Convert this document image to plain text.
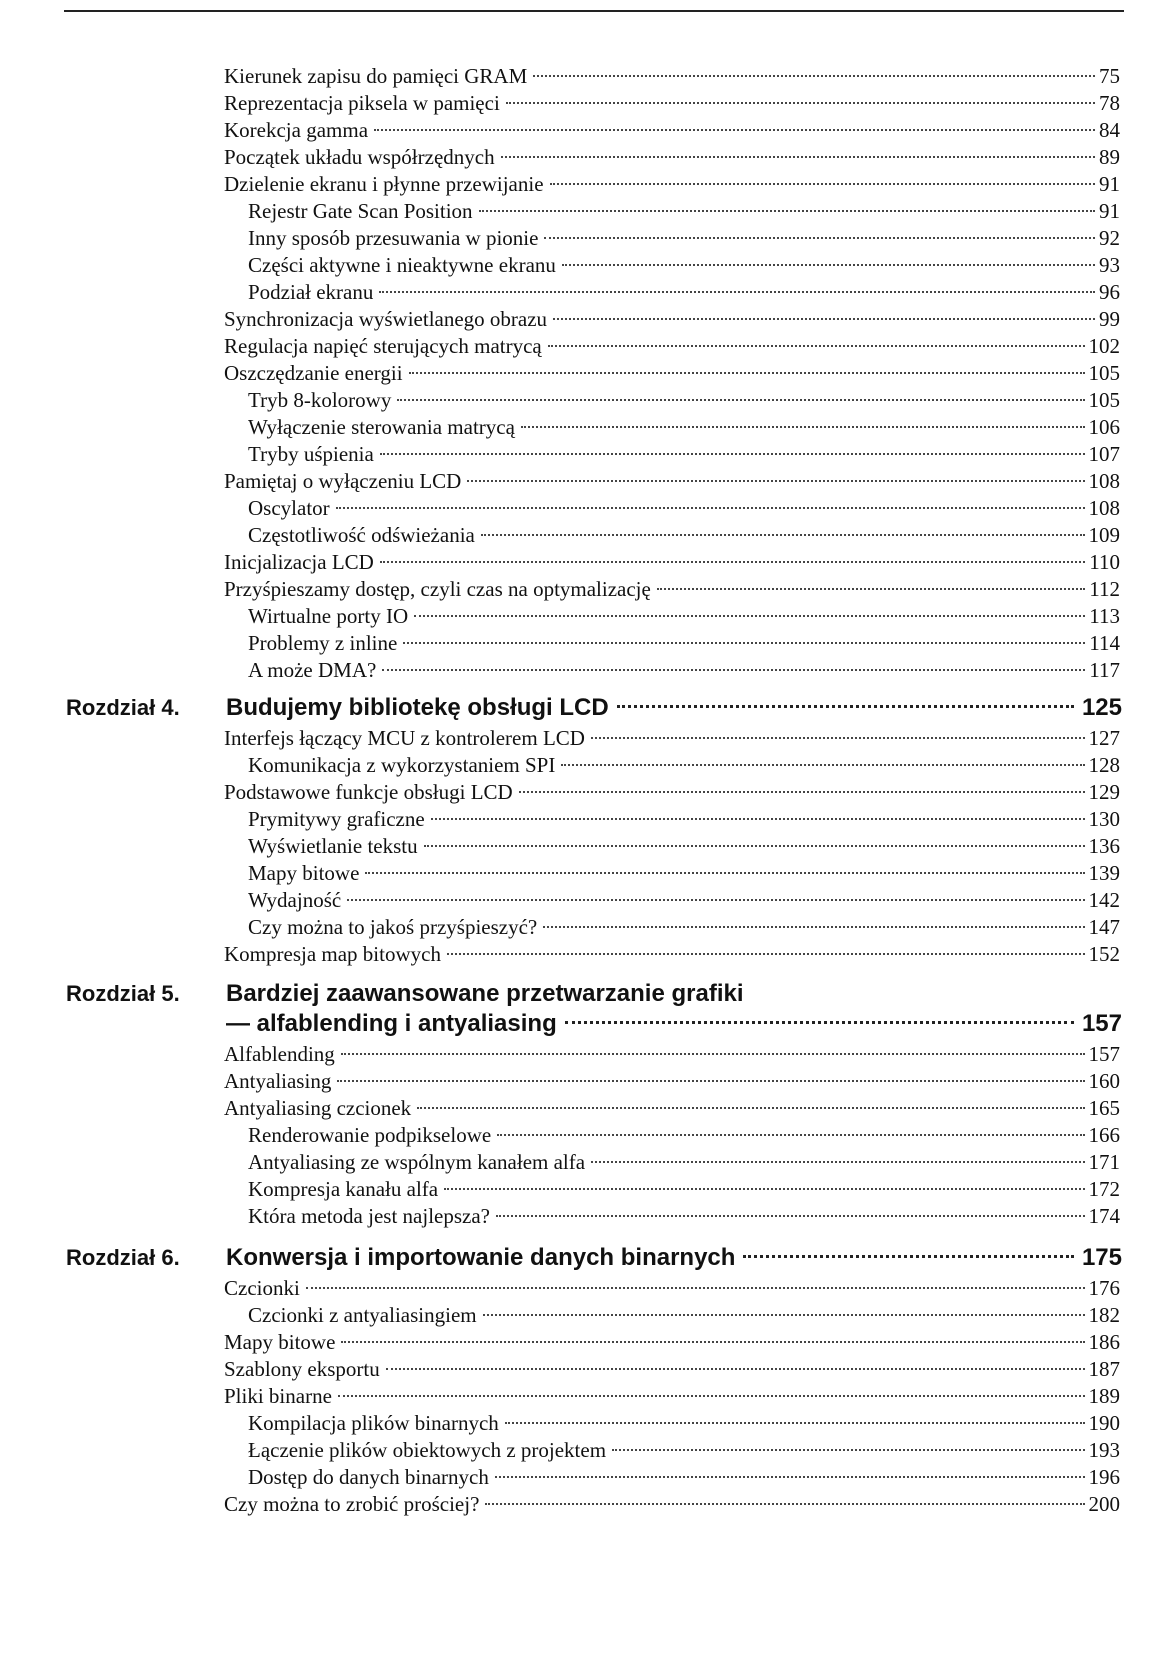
Kierunek zapisu do pamięci GRAM	75
Reprezentacja piksela w pamięci	78
Korekcja gamma	84
Początek układu współrzędnych	89
Dzielenie ekranu i płynne przewijanie	91
Rejestr Gate Scan Position	91
Inny sposób przesuwania w pionie	92
Części aktywne i nieaktywne ekranu	93
Podział ekranu	96
Synchronizacja wyświetlanego obrazu	99
Regulacja napięć sterujących matrycą	102
Oszczędzanie energii	105
Tryb 8-kolorowy	105
Wyłączenie sterowania matrycą	106
Tryby uśpienia	107
Pamiętaj o wyłączeniu LCD	108
Oscylator	108
Częstotliwość odświeżania	109
Inicjalizacja LCD	110
Przyśpieszamy dostęp, czyli czas na optymalizację	112
Wirtualne porty IO	113
Problemy z inline	114
A może DMA?	117
Rozdział 4.	Budujemy bibliotekę obsługi LCD	125
Interfejs łączący MCU z kontrolerem LCD	127
Komunikacja z wykorzystaniem SPI	128
Podstawowe funkcje obsługi LCD	129
Prymitywy graficzne	130
Wyświetlanie tekstu	136
Mapy bitowe	139
Wydajność	142
Czy można to jakoś przyśpieszyć?	147
Kompresja map bitowych	152
Rozdział 5.	Bardziej zaawansowane przetwarzanie grafiki
— alfablending i antyaliasing	157
Alfablending	157
Antyaliasing	160
Antyaliasing czcionek	165
Renderowanie podpikselowe	166
Antyaliasing ze wspólnym kanałem alfa	171
Kompresja kanału alfa	172
Która metoda jest najlepsza?	174
Rozdział 6.	Konwersja i importowanie danych binarnych	175
Czcionki	176
Czcionki z antyaliasingiem	182
Mapy bitowe	186
Szablony eksportu	187
Pliki binarne	189
Kompilacja plików binarnych	190
Łączenie plików obiektowych z projektem	193
Dostęp do danych binarnych	196
Czy można to zrobić prościej?	200
